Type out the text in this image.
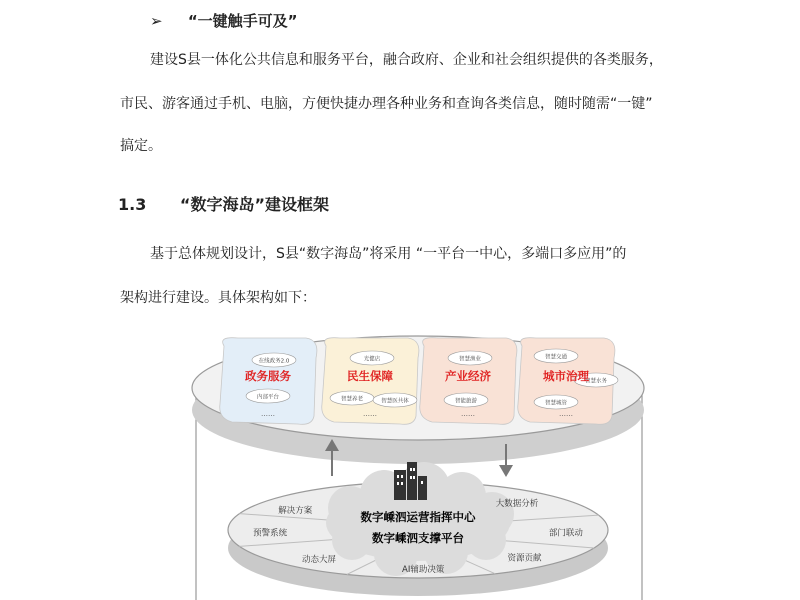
➢ “一键触手可及”
建设S县一体化公共信息和服务平台，融合政府、企业和社会组织提供的各类服务，
市民、游客通过手机、电脑，方便快捷办理各种业务和查询各类信息，随时随需“一键”
搞定。
1.3 “数字海岛”建设框架
基于总体规划设计，S县“数字海岛”将采用 “一平台一中心，多端口多应用”的
架构进行建设。具体架构如下：
在线政务2.0
内部平台
政务服务
……
光健店
智慧养老	智慧医共体
民生保障
……
智慧渔业
智能旅游
产业经济
……
智慧交通
智慧水务
智慧城管
城市治理
……
数字嵊泗运营指挥中心
数字嵊泗支撑平台
大数据分析
部门联动
资源贡献
AI辅助决策
动态大屏
预警系统
解决方案
